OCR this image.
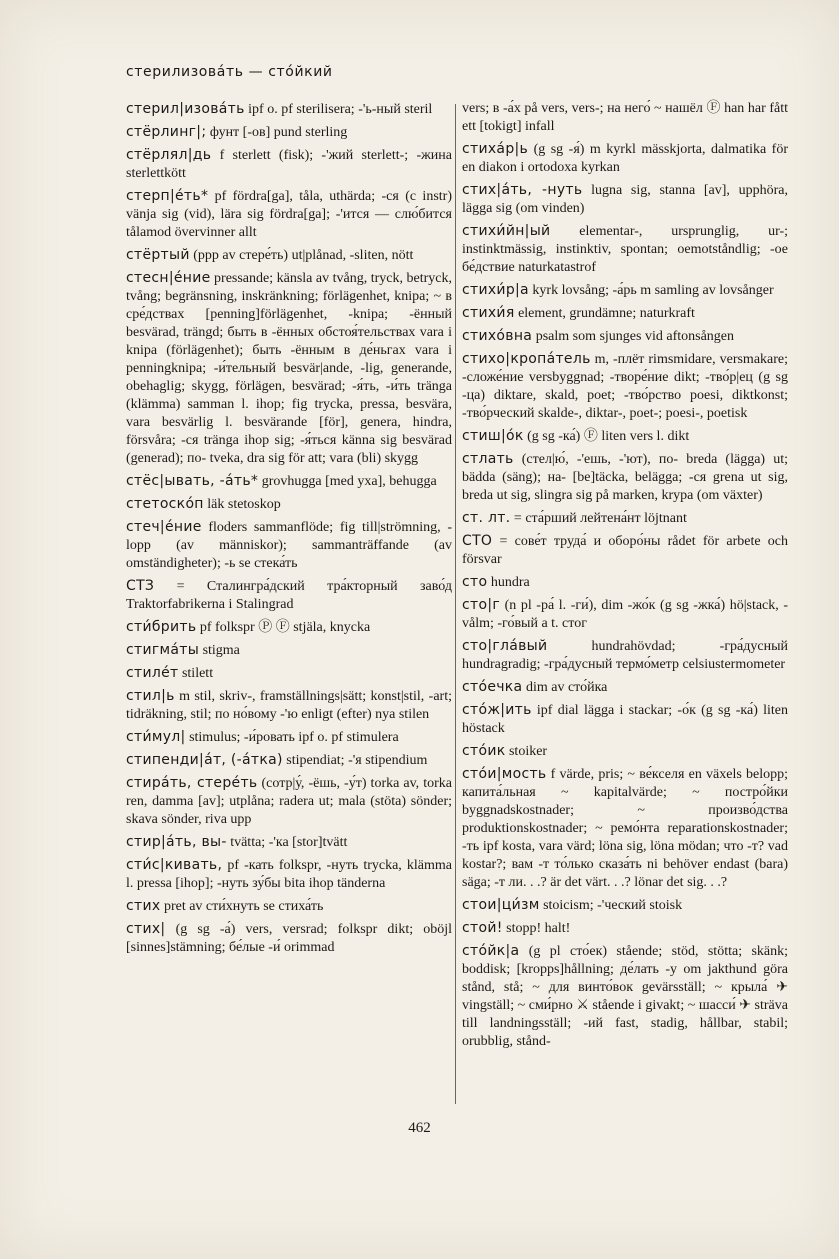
стерилизова́ть — сто́йкий

стерил|изова́ть ipf o. pf sterilisera; -'ь-ный steril

стёрлинг|; фунт [-ов] pund sterling

стёрлял|дь f sterlett (fisk); -'жий sterlett-; -жина sterlettkött

стерп|е́ть* pf fördra[ga], tåla, uthärda; -ся (с instr) vänja sig (vid), lära sig fördra[ga]; -'ится — слю́бится tålamod övervinner allt

стёртый (ppp av стере́ть) ut|plånad, -sliten, nött

стесн|е́ние pressande; känsla av tvång, tryck, betryck, tvång; begränsning, inskränkning; förlägenhet, knipa; ~ в сре́дствах [penning]förlägenhet, -knipa; -ённый besvärad, trängd; быть в -ённых обстоя́тельствах vara i knipa (förlägenhet); быть -ённым в де́ньгах vara i penningknipa; -и́тельный besvär|ande, -lig, generande, obehaglig; skygg, förlägen, besvärad; -я́ть, -и́ть tränga (klämma) samman l. ihop; fig trycka, pressa, besvära, vara besvärlig l. besvärande [för], genera, hindra, försvåra; -ся tränga ihop sig; -я́ться känna sig besvärad (generad); по- tveka, dra sig för att; vara (bli) skygg

стёс|ывать, -а́ть* grovhugga [med yxa], behugga

стетоско́п läk stetoskop

стеч|е́ние floders sammanflöde; fig till|strömning, -lopp (av människor); sammanträffande (av omständigheter); -ь se стека́ть

СТЗ = Сталингра́дский тра́кторный заво́д Traktorfabrikerna i Stalingrad

сти́брить pf folkspr Ⓟ Ⓕ stjäla, knycka

стигма́ты stigma

стиле́т stilett

стил|ь m stil, skriv-, framställnings|sätt; konst|stil, -art; tidräkning, stil; по но́вому -'ю enligt (efter) nya stilen

сти́мул| stimulus; -и́ровать ipf o. pf stimulera

стипенди|а́т, (-а́тка) stipendiat; -'я stipendium

стира́ть, стере́ть (сотр|у́, -ёшь, -у́т) torka av, torka ren, damma [av]; utplåna; radera ut; mala (stöta) sönder; skava sönder, riva upp

стир|а́ть, вы- tvätta; -'ка [stor]tvätt

сти́с|кивать, pf -кать folkspr, -нуть trycka, klämma l. pressa [ihop]; -нуть зу́бы bita ihop tänderna

стих pret av сти́хнуть se стиха́ть

стих| (g sg -а́) vers, versrad; folkspr dikt; oböjl [sinnes]stämning; бе́лые -и́ orimmad

vers; в -а́х på vers, vers-; на него́ ~ нашёл Ⓕ han har fått ett [tokigt] infall

стиха́р|ь (g sg -я́) m kyrkl mässkjorta, dalmatika för en diakon i ortodoxa kyrkan

стих|а́ть, -нуть lugna sig, stanna [av], upphöra, lägga sig (om vinden)

стихи́йн|ый elementar-, ursprunglig, ur-; instinktmässig, instinktiv, spontan; oemotståndlig; -ое бе́дствие naturkatastrof

стихи́р|а kyrk lovsång; -а́рь m samling av lovsånger

стихи́я element, grundämne; naturkraft

стихо́вна psalm som sjunges vid aftonsången

стихо|кропа́тель m, -плёт rimsmidare, versmakare; -сложе́ние versbyggnad; -творе́ние dikt; -тво́р|ец (g sg -ца) diktare, skald, poet; -тво́рство poesi, diktkonst; -тво́рческий skalde-, diktar-, poet-; poesi-, poetisk

стиш|о́к (g sg -ка́) Ⓕ liten vers l. dikt

стлать (стел|ю́, -'ешь, -'ют), по- breda (lägga) ut; bädda (säng); на- [be]täcka, belägga; -ся grena ut sig, breda ut sig, slingra sig på marken, krypa (om växter)

ст. лт. = ста́рший лейтена́нт löjtnant

СТО = сове́т труда́ и оборо́ны rådet för arbete och försvar

сто hundra

сто|г (n pl -ра́ l. -ги́), dim -жо́к (g sg -жка́) hö|stack, -vålm; -го́вый a t. стог

сто|гла́вый	hundrahövdad; -гра́дусный hundragradig; -гра́дусный термо́метр celsiustermometer

сто́ечка dim av сто́йка

сто́ж|ить ipf dial lägga i stackar; -о́к (g sg -ка́) liten höstack

сто́ик stoiker

сто́и|мость f värde, pris; ~ ве́кселя en växels belopp; капита́льная ~ kapitalvärde; ~ постро́йки byggnadskostnader; ~ произво́дства produktionskostnader; ~ ремо́нта reparationskostnader; -ть ipf kosta, vara värd; löna sig, löna mödan; что -т? vad kostar?; вам -т то́лько сказа́ть ni behöver endast (bara) säga; -т ли. . .? är det värt. . .? lönar det sig. . .?

стои|ци́зм stoicism; -'ческий stoisk

стой! stopp! halt!

сто́йк|а (g pl сто́ек) stående; stöd, stötta; skänk; boddisk; [kropps]hållning; де́лать -у om jakthund göra stånd, stå; ~ для винто́вок gevärsställ; ~ крыла́ ✈ vingställ; ~ сми́рно ⚔ stående i givakt; ~ шасси́ ✈ sträva till landningsställ; -ий fast, stadig, hållbar, stabil; orubblig, stånd-

462
